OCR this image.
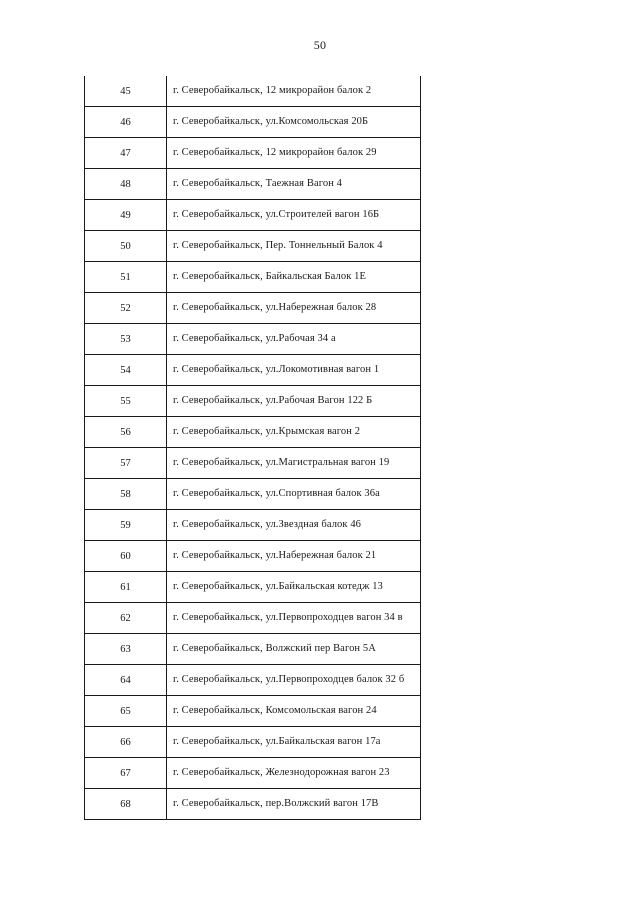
50
45	г. Северобайкальск, 12 микрорайон балок 2
46	г. Северобайкальск, ул.Комсомольская 20Б
47	г. Северобайкальск, 12 микрорайон балок 29
48	г. Северобайкальск, Таежная Вагон 4
49	г. Северобайкальск, ул.Строителей вагон 16Б
50	г. Северобайкальск, Пер. Тоннельный Балок 4
51	г. Северобайкальск, Байкальская Балок 1Е
52	г. Северобайкальск, ул.Набережная балок 28
53	г. Северобайкальск, ул.Рабочая 34 а
54	г. Северобайкальск, ул.Локомотивная вагон 1
55	г. Северобайкальск, ул.Рабочая Вагон 122 Б
56	г. Северобайкальск, ул.Крымская вагон 2
57	г. Северобайкальск, ул.Магистральная вагон 19
58	г. Северобайкальск, ул.Спортивная балок 36а
59	г. Северобайкальск, ул.Звездная балок 46
60	г. Северобайкальск, ул.Набережная балок 21
61	г. Северобайкальск, ул.Байкальская котедж 13
62	г. Северобайкальск, ул.Первопроходцев вагон 34 в
63	г. Северобайкальск, Волжский пер Вагон 5А
64	г. Северобайкальск, ул.Первопроходцев балок 32 б
65	г. Северобайкальск, Комсомольская вагон 24
66	г. Северобайкальск, ул.Байкальская вагон 17а
67	г. Северобайкальск, Железнодорожная вагон 23
68	г. Северобайкальск, пер.Волжский вагон 17В
